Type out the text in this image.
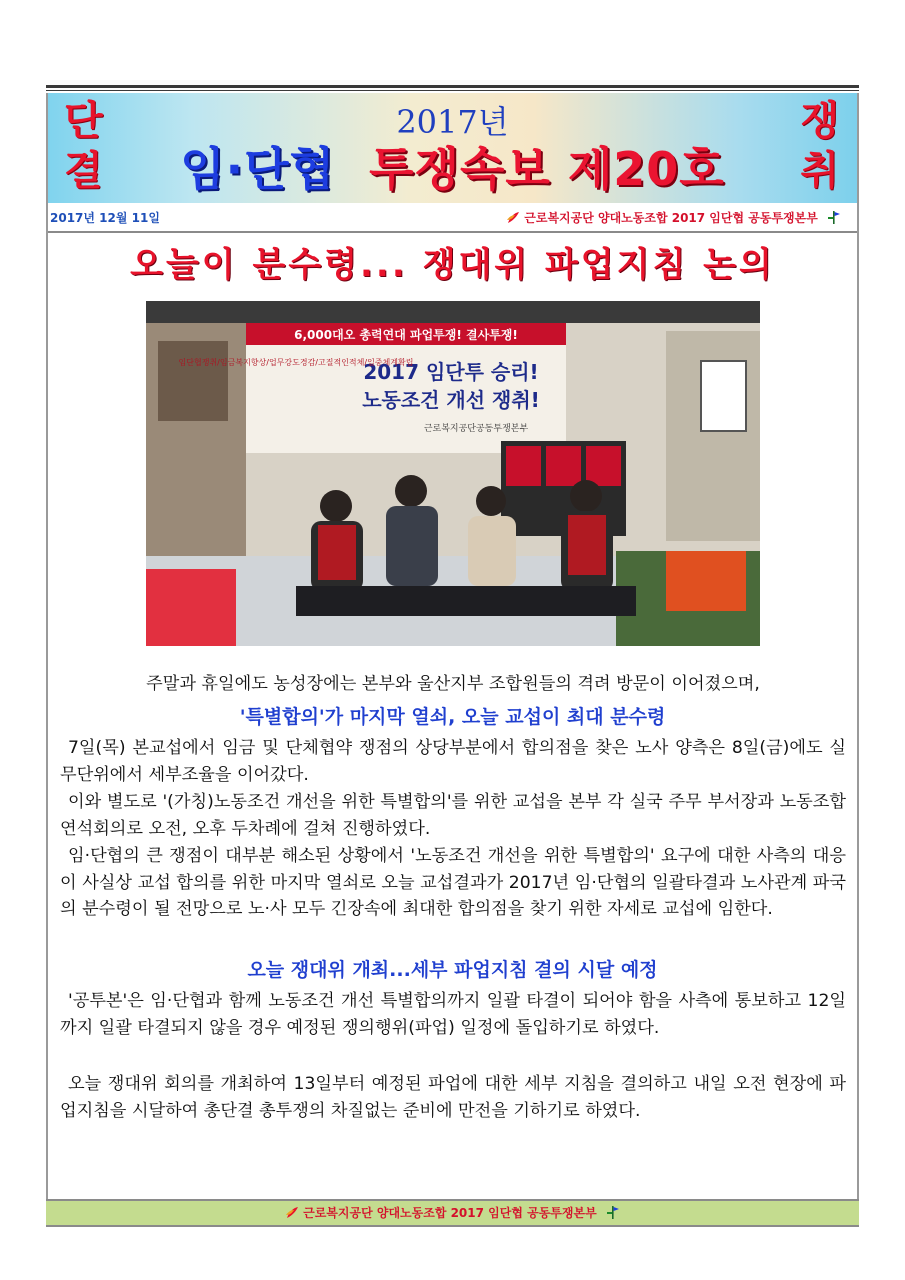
단
결
쟁
취
2017년
임·단협 투쟁속보 제20호
2017년 12월 11일	근로복지공단 양대노동조합 2017 임단협 공동투쟁본부
오늘이 분수령... 쟁대위 파업지침 논의
6,000대오 총력연대 파업투쟁! 결사투쟁!
2017 임단투 승리!
노동조건 개선 쟁취!
근로복지공단공동투쟁본부
임단협쟁취/임금복지향상/업무강도경감/고질적인적체/일중체계확립
주말과 휴일에도 농성장에는 본부와 울산지부 조합원들의 격려 방문이 이어졌으며,
'특별합의'가 마지막 열쇠, 오늘 교섭이 최대 분수령
7일(목) 본교섭에서 임금 및 단체협약 쟁점의 상당부분에서 합의점을 찾은 노사 양측은 8일(금)에도 실무단위에서 세부조율을 이어갔다.
이와 별도로 '(가칭)노동조건 개선을 위한 특별합의'를 위한 교섭을 본부 각 실국 주무 부서장과 노동조합 연석회의로 오전, 오후 두차례에 걸쳐 진행하였다.
임·단협의 큰 쟁점이 대부분 해소된 상황에서 '노동조건 개선을 위한 특별합의' 요구에 대한 사측의 대응이 사실상 교섭 합의를 위한 마지막 열쇠로 오늘 교섭결과가 2017년 임·단협의 일괄타결과 노사관계 파국의 분수령이 될 전망으로 노·사 모두 긴장속에 최대한 합의점을 찾기 위한 자세로 교섭에 임한다.
오늘 쟁대위 개최...세부 파업지침 결의 시달 예정
'공투본'은 임·단협과 함께 노동조건 개선 특별합의까지 일괄 타결이 되어야 함을 사측에 통보하고 12일까지 일괄 타결되지 않을 경우 예정된 쟁의행위(파업) 일정에 돌입하기로 하였다.
오늘 쟁대위 회의를 개최하여 13일부터 예정된 파업에 대한 세부 지침을 결의하고 내일 오전 현장에 파업지침을 시달하여 총단결 총투쟁의 차질없는 준비에 만전을 기하기로 하였다.
근로복지공단 양대노동조합 2017 임단협 공동투쟁본부
